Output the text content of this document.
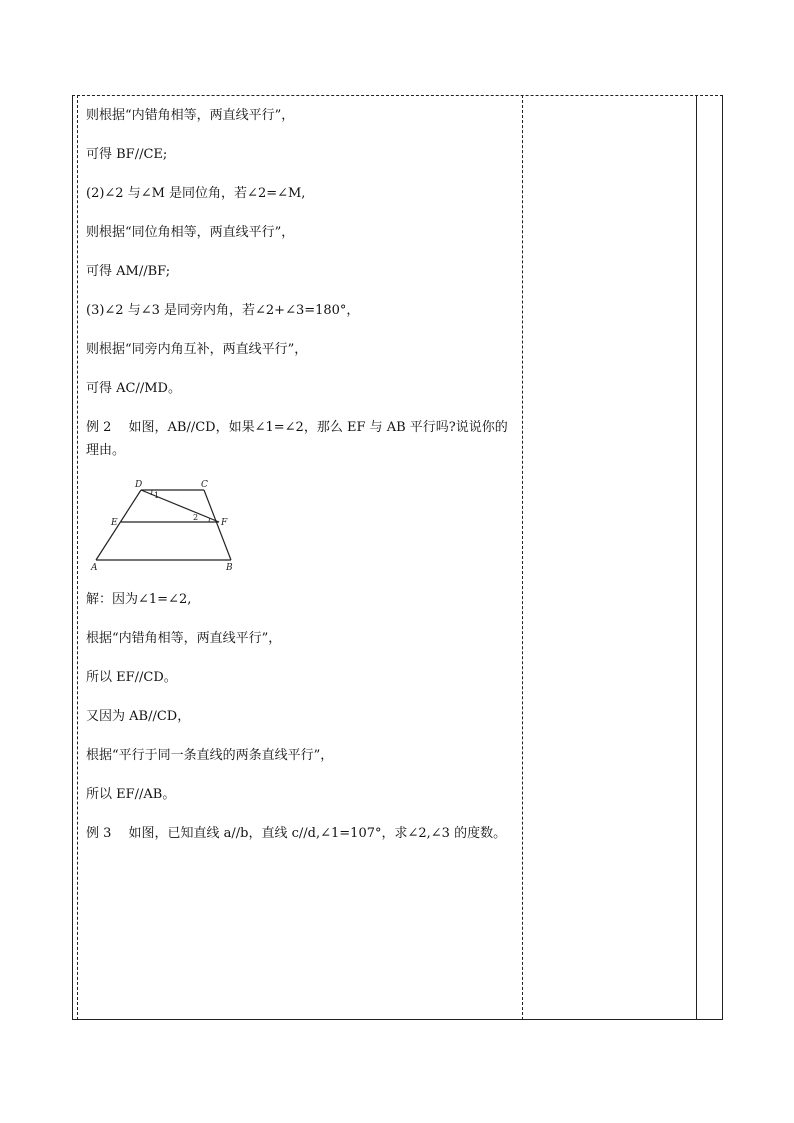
则根据“内错角相等，两直线平行”，
可得 BF//CE;
(2)∠2 与∠M 是同位角，若∠2=∠M,
则根据“同位角相等，两直线平行”，
可得 AM//BF;
(3)∠2 与∠3 是同旁内角，若∠2+∠3=180°，
则根据“同旁内角互补，两直线平行”，
可得 AC//MD。
例 2　 如图，AB//CD，如果∠1=∠2，那么 EF 与 AB 平行吗?说说你的理由。
D	C
E	F
A	B
1
2
解：因为∠1=∠2,
根据“内错角相等，两直线平行”，
所以 EF//CD。
又因为 AB//CD，
根据“平行于同一条直线的两条直线平行”，
所以 EF//AB。
例 3　 如图，已知直线 a//b，直线 c//d,∠1=107°，求∠2,∠3 的度数。
